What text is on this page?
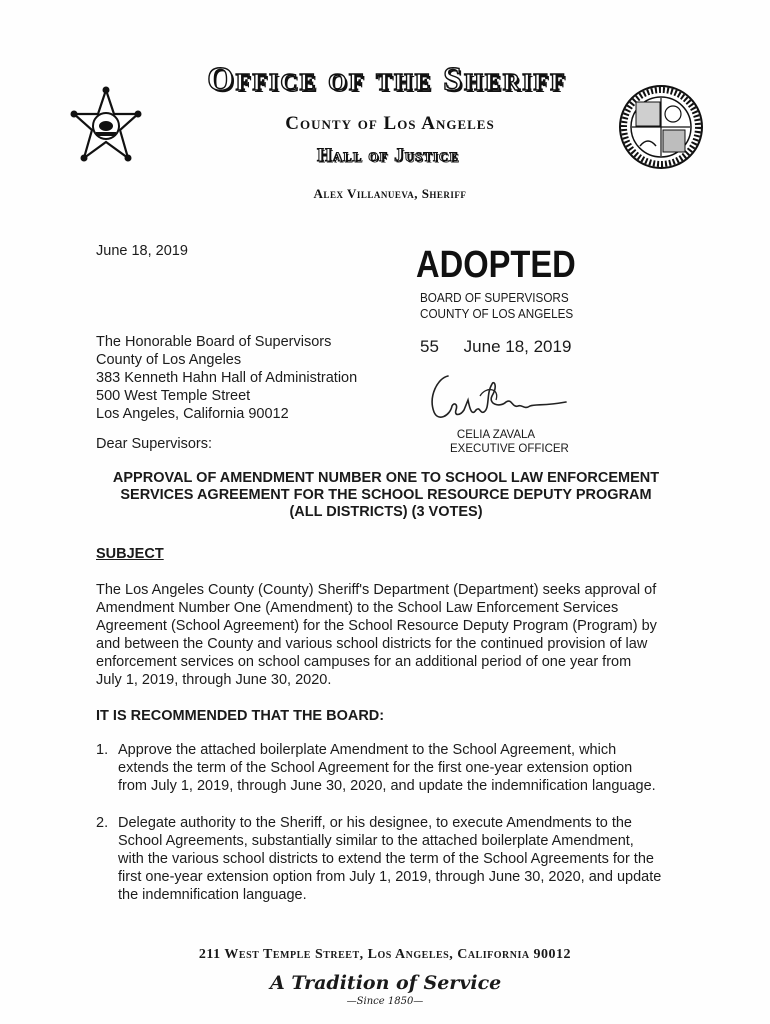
Office of the Sheriff
County of Los Angeles
Hall of Justice
Alex Villanueva, Sheriff
June 18, 2019
The Honorable Board of Supervisors
County of Los Angeles
383 Kenneth Hahn Hall of Administration
500 West Temple Street
Los Angeles, California 90012
Dear Supervisors:
ADOPTED
BOARD OF SUPERVISORS
COUNTY OF LOS ANGELES
55 June 18, 2019
CELIA ZAVALA
EXECUTIVE OFFICER
APPROVAL OF AMENDMENT NUMBER ONE TO SCHOOL LAW ENFORCEMENT
SERVICES AGREEMENT FOR THE SCHOOL RESOURCE DEPUTY PROGRAM
(ALL DISTRICTS) (3 VOTES)
SUBJECT
The Los Angeles County (County) Sheriff's Department (Department) seeks approval of
Amendment Number One (Amendment) to the School Law Enforcement Services
Agreement (School Agreement) for the School Resource Deputy Program (Program) by
and between the County and various school districts for the continued provision of law
enforcement services on school campuses for an additional period of one year from
July 1, 2019, through June 30, 2020.
IT IS RECOMMENDED THAT THE BOARD:
1. Approve the attached boilerplate Amendment to the School Agreement, which
extends the term of the School Agreement for the first one-year extension option
from July 1, 2019, through June 30, 2020, and update the indemnification language.
2. Delegate authority to the Sheriff, or his designee, to execute Amendments to the
School Agreements, substantially similar to the attached boilerplate Amendment,
with the various school districts to extend the term of the School Agreements for the
first one-year extension option from July 1, 2019, through June 30, 2020, and update
the indemnification language.
211 West Temple Street, Los Angeles, California 90012
A Tradition of Service
—Since 1850—
